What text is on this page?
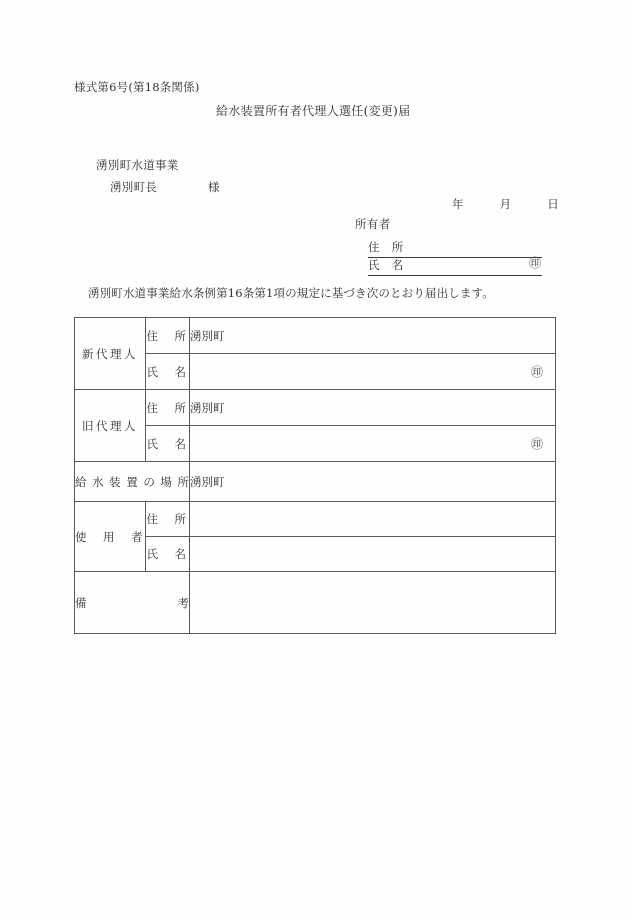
様式第6号(第18条関係)
給水装置所有者代理人選任(変更)届
湧別町水道事業
湧別町長	様
年　　　月　　　日
所有者
住　所
氏　名	㊞
湧別町水道事業給水条例第16条第1項の規定に基づき次のとおり届出します。
新代理人	住　所	湧別町
	氏　名	㊞

旧代理人	住　所	湧別町
	氏　名	㊞

給水装置の場所		湧別町
使　用　者	住　所	
	氏　名	

備　考		
